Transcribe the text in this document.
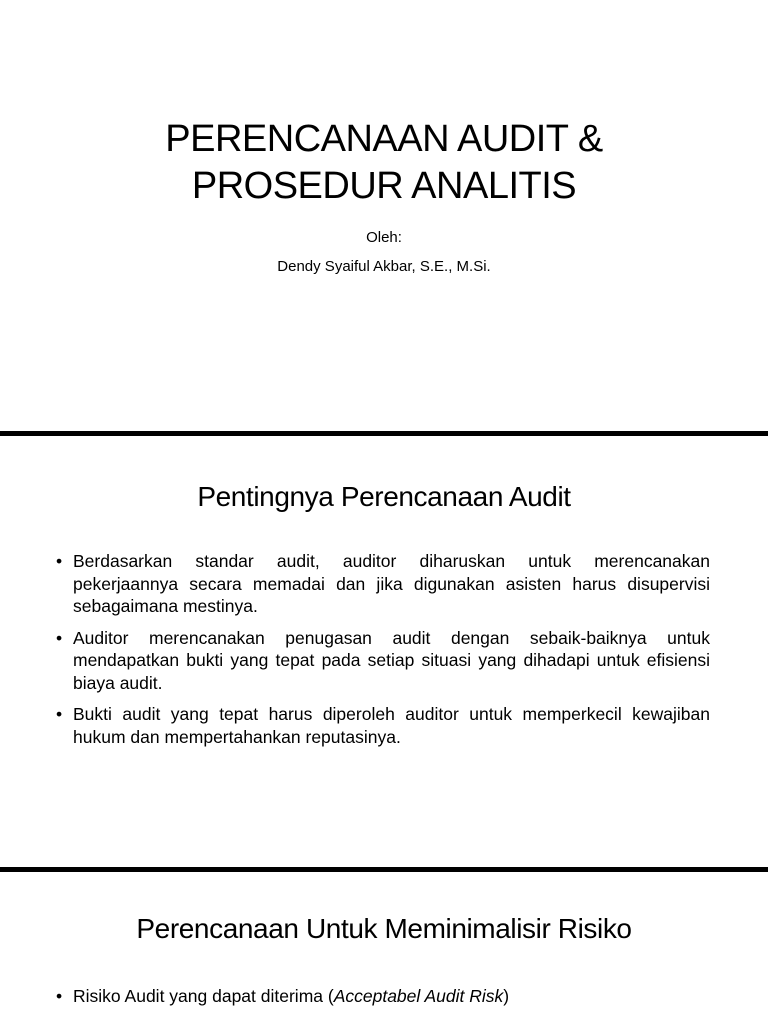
PERENCANAAN AUDIT &
PROSEDUR ANALITIS
Oleh:
Dendy Syaiful Akbar, S.E., M.Si.
Pentingnya Perencanaan Audit
• Berdasarkan standar audit, auditor diharuskan untuk merencanakan pekerjaannya secara memadai dan jika digunakan asisten harus disupervisi sebagaimana mestinya.
• Auditor merencanakan penugasan audit dengan sebaik-baiknya untuk mendapatkan bukti yang tepat pada setiap situasi yang dihadapi untuk efisiensi biaya audit.
• Bukti audit yang tepat harus diperoleh auditor untuk memperkecil kewajiban hukum dan mempertahankan reputasinya.
Perencanaan Untuk Meminimalisir Risiko
• Risiko Audit yang dapat diterima (Acceptabel Audit Risk)
